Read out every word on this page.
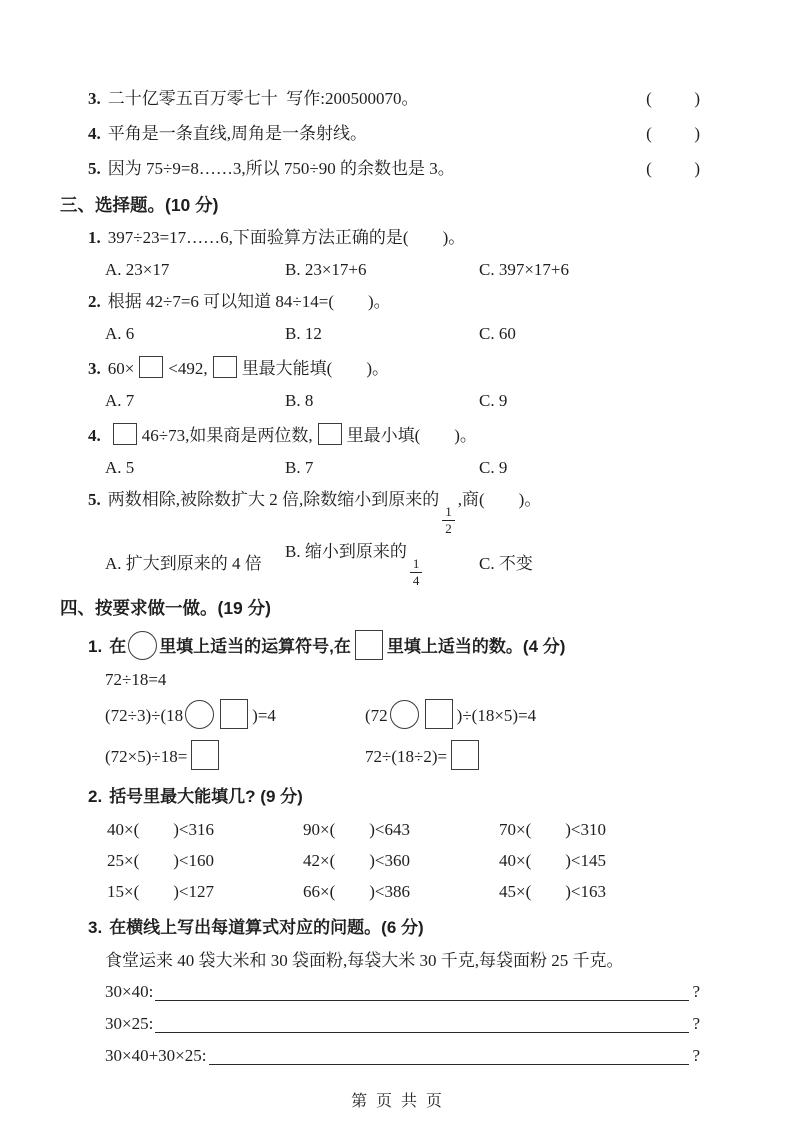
3. 二十亿零五百万零七十  写作:200500070。	(          )
4. 平角是一条直线,周角是一条射线。	(          )
5. 因为 75÷9=8……3,所以 750÷90 的余数也是 3。	(          )
三、选择题。(10 分)
1. 397÷23=17……6,下面验算方法正确的是(        )。
A. 23×17	B. 23×17+6	C. 397×17+6
2. 根据 42÷7=6 可以知道 84÷14=(        )。
A. 6	B. 12	C. 60
3. 60× <492, 里最大能填(        )。
A. 7	B. 8	C. 9
4. 46÷73,如果商是两位数, 里最小填(        )。
A. 5	B. 7	C. 9
5. 两数相除,被除数扩大 2 倍,除数缩小到原来的
$\frac{1}{2}$
,商(        )。
A. 扩大到原来的 4 倍
B. 缩小到原来的
$\frac{1}{4}$	C. 不变
四、按要求做一做。(19 分)
1. 在 里填上适当的运算符号,在 里填上适当的数。(4 分)
72÷18=4
(72÷3)÷(18	)=4	(72	)÷(18×5)=4
(72×5)÷18=	72÷(18÷2)=
2. 括号里最大能填几? (9 分)
40×(        )<316	90×(        )<643	70×(        )<310
25×(        )<160	42×(        )<360	40×(        )<145
15×(        )<127	66×(        )<386	45×(        )<163
3. 在横线上写出每道算式对应的问题。(6 分)
食堂运来 40 袋大米和 30 袋面粉,每袋大米 30 千克,每袋面粉 25 千克。
30×40:	?
30×25:	?
30×40+30×25:	?
第  页  共  页
